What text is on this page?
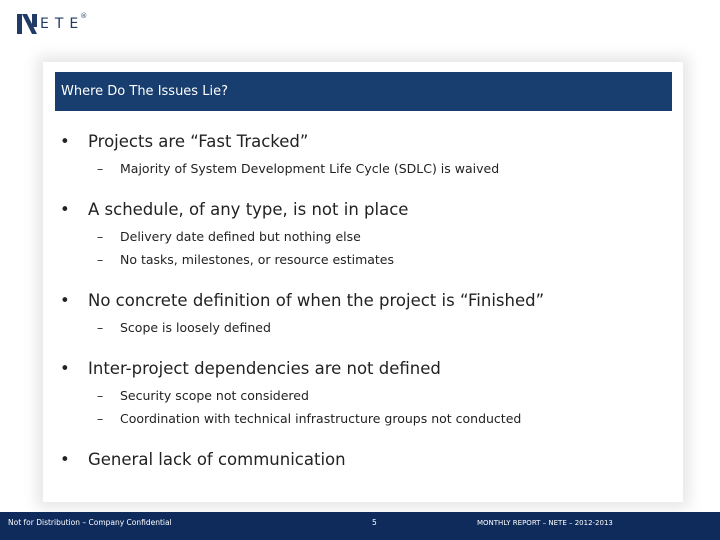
ETE
®
Where Do The Issues Lie?
• Projects are “Fast Tracked”
– Majority of System Development Life Cycle (SDLC) is waived
• A schedule, of any type, is not in place
– Delivery date defined but nothing else
– No tasks, milestones, or resource estimates
• No concrete definition of when the project is “Finished”
– Scope is loosely defined
• Inter-project dependencies are not defined
– Security scope not considered
– Coordination with technical infrastructure groups not conducted
• General lack of communication
Not for Distribution – Company Confidential	5	MONTHLY REPORT – NETE – 2012-2013
